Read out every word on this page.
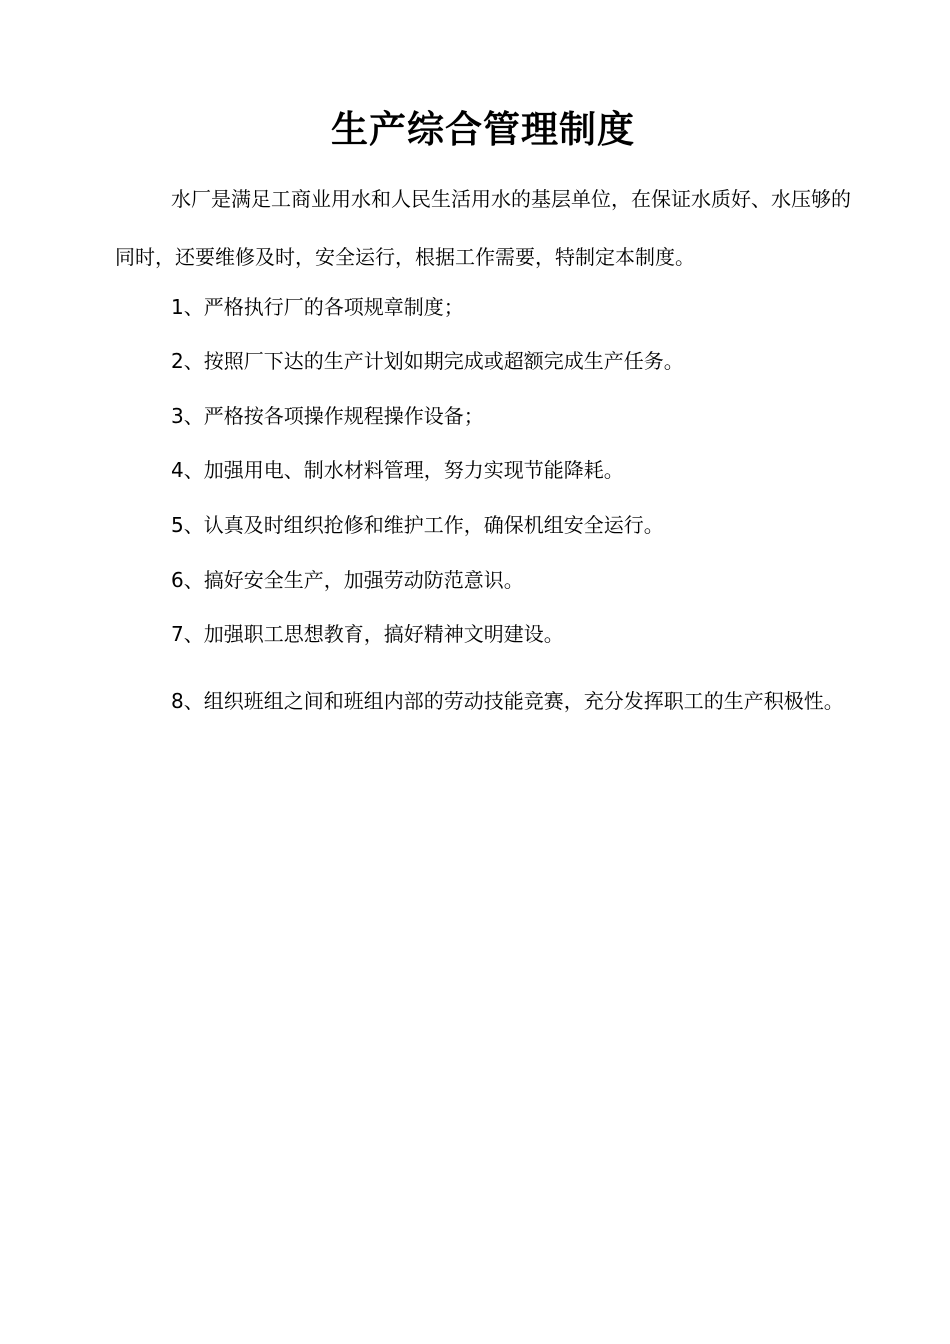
生产综合管理制度
水厂是满足工商业用水和人民生活用水的基层单位，在保证水质好、水压够的同时，还要维修及时，安全运行，根据工作需要，特制定本制度。
1、严格执行厂的各项规章制度；
2、按照厂下达的生产计划如期完成或超额完成生产任务。
3、严格按各项操作规程操作设备；
4、加强用电、制水材料管理，努力实现节能降耗。
5、认真及时组织抢修和维护工作，确保机组安全运行。
6、搞好安全生产，加强劳动防范意识。
7、加强职工思想教育，搞好精神文明建设。
8、组织班组之间和班组内部的劳动技能竞赛，充分发挥职工的生产积极性。
